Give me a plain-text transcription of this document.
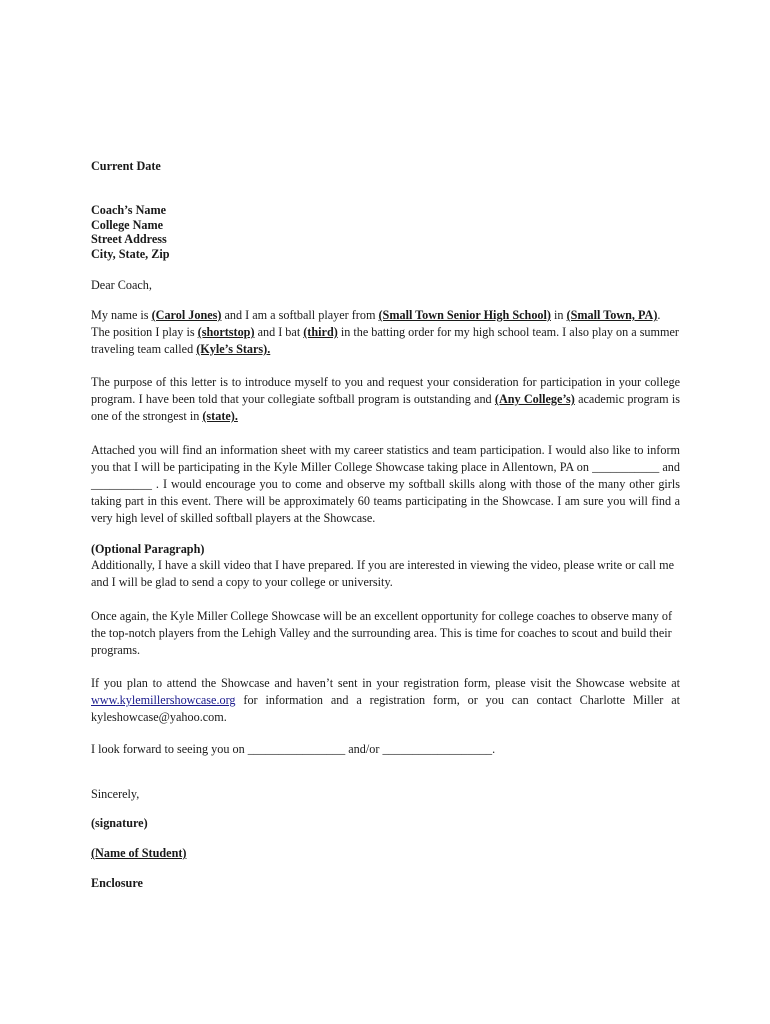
Current Date
Coach’s Name
College Name
Street Address
City, State, Zip
Dear Coach,

My name is (Carol Jones) and I am a softball player from (Small Town Senior High School) in (Small Town, PA). The position I play is (shortstop) and I bat (third) in the batting order for my high school team. I also play on a summer traveling team called (Kyle’s Stars).

The purpose of this letter is to introduce myself to you and request your consideration for participation in your college program. I have been told that your collegiate softball program is outstanding and (Any College’s) academic program is one of the strongest in (state).

Attached you will find an information sheet with my career statistics and team participation. I would also like to inform you that I will be participating in the Kyle Miller College Showcase taking place in Allentown, PA on ___________ and __________ . I would encourage you to come and observe my softball skills along with those of the many other girls taking part in this event. There will be approximately 60 teams participating in the Showcase. I am sure you will find a very high level of skilled softball players at the Showcase.

(Optional Paragraph)

Additionally, I have a skill video that I have prepared. If you are interested in viewing the video, please write or call me and I will be glad to send a copy to your college or university.

Once again, the Kyle Miller College Showcase will be an excellent opportunity for college coaches to observe many of the top-notch players from the Lehigh Valley and the surrounding area. This is time for coaches to scout and build their programs.

If you plan to attend the Showcase and haven’t sent in your registration form, please visit the Showcase website at www.kylemillershowcase.org for information and a registration form, or you can contact Charlotte Miller at kyleshowcase@yahoo.com.

I look forward to seeing you on ________________ and/or __________________.

Sincerely,
(signature)
(Name of Student)
Enclosure
